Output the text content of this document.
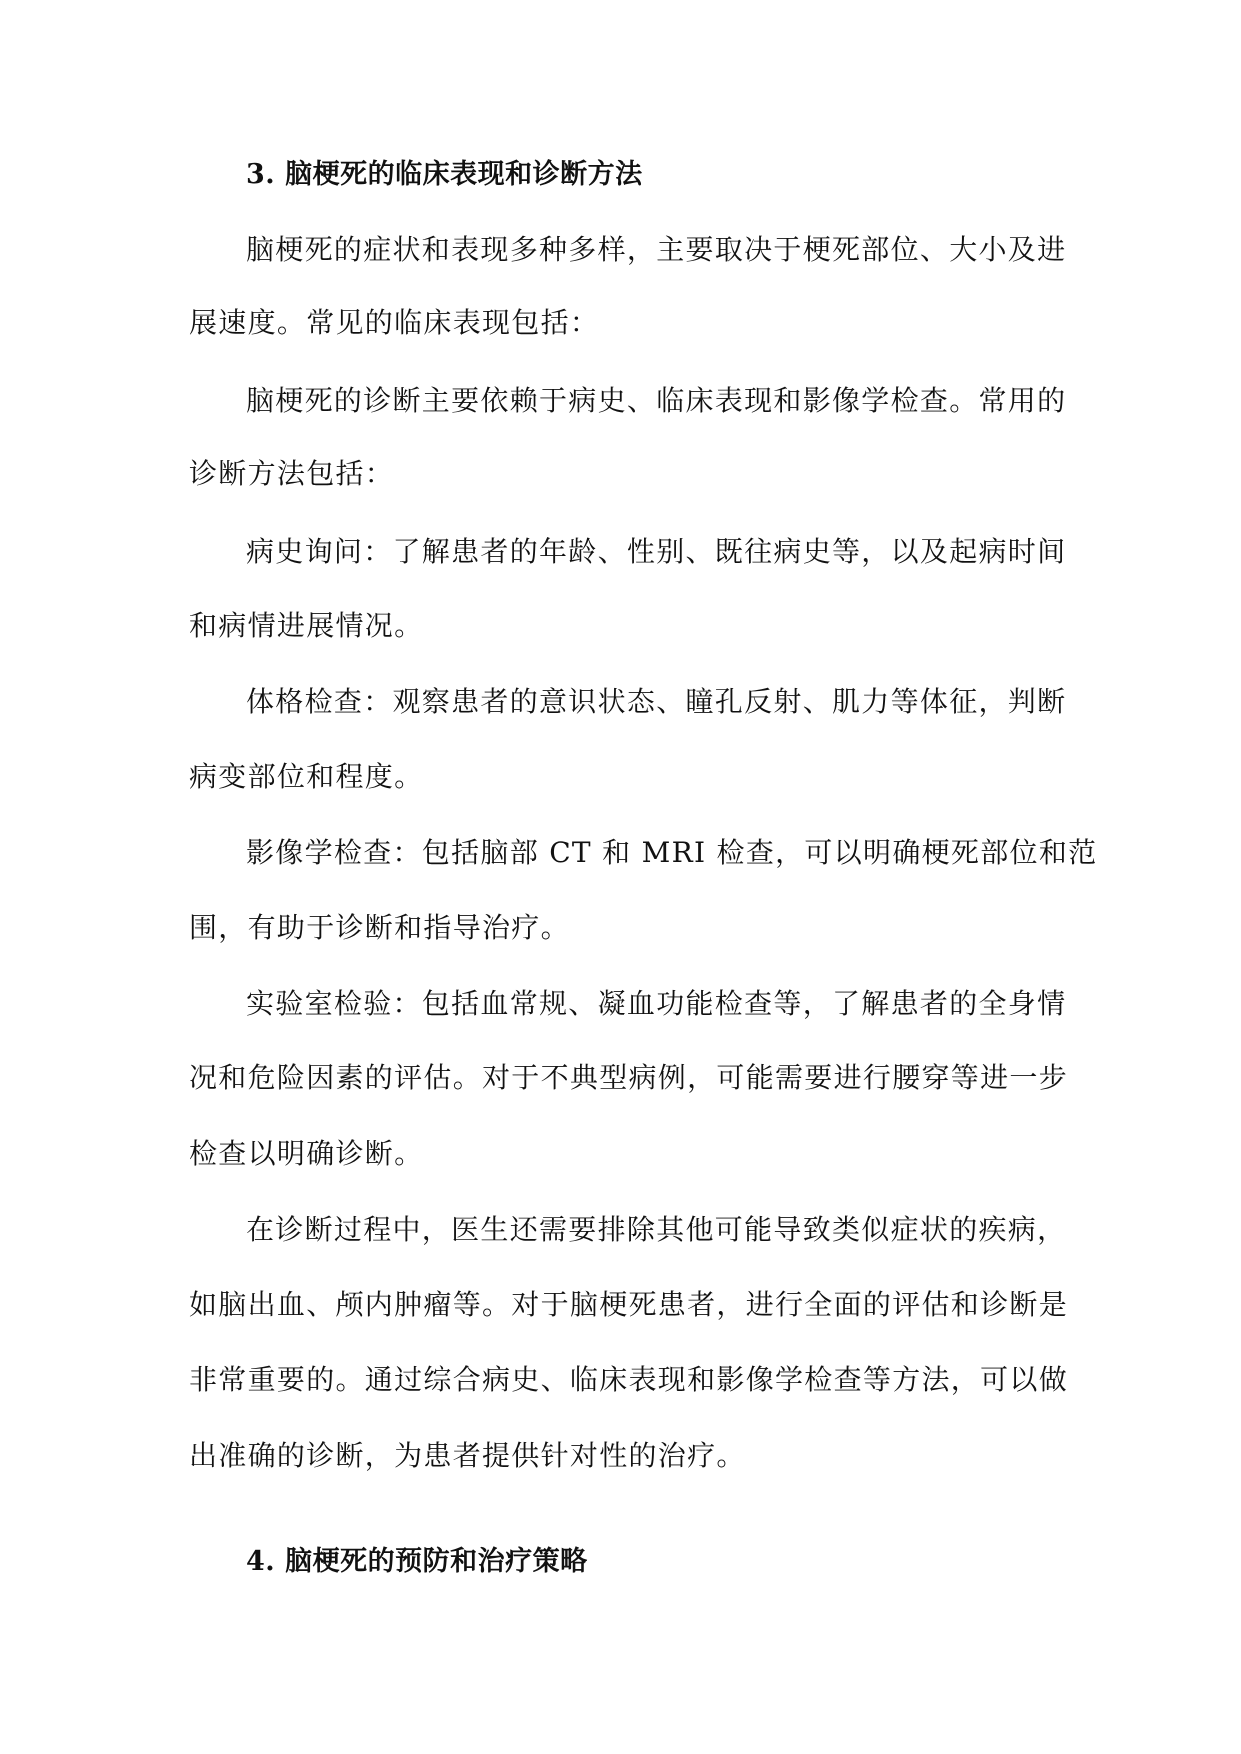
3. 脑梗死的临床表现和诊断方法
脑梗死的症状和表现多种多样，主要取决于梗死部位、大小及进
展速度。常见的临床表现包括：
脑梗死的诊断主要依赖于病史、临床表现和影像学检查。常用的
诊断方法包括：
病史询问：了解患者的年龄、性别、既往病史等，以及起病时间
和病情进展情况。
体格检查：观察患者的意识状态、瞳孔反射、肌力等体征，判断
病变部位和程度。
影像学检查：包括脑部 CT 和 MRI 检查，可以明确梗死部位和范
围，有助于诊断和指导治疗。
实验室检验：包括血常规、凝血功能检查等，了解患者的全身情
况和危险因素的评估。对于不典型病例，可能需要进行腰穿等进一步
检查以明确诊断。
在诊断过程中，医生还需要排除其他可能导致类似症状的疾病，
如脑出血、颅内肿瘤等。对于脑梗死患者，进行全面的评估和诊断是
非常重要的。通过综合病史、临床表现和影像学检查等方法，可以做
出准确的诊断，为患者提供针对性的治疗。
4. 脑梗死的预防和治疗策略
